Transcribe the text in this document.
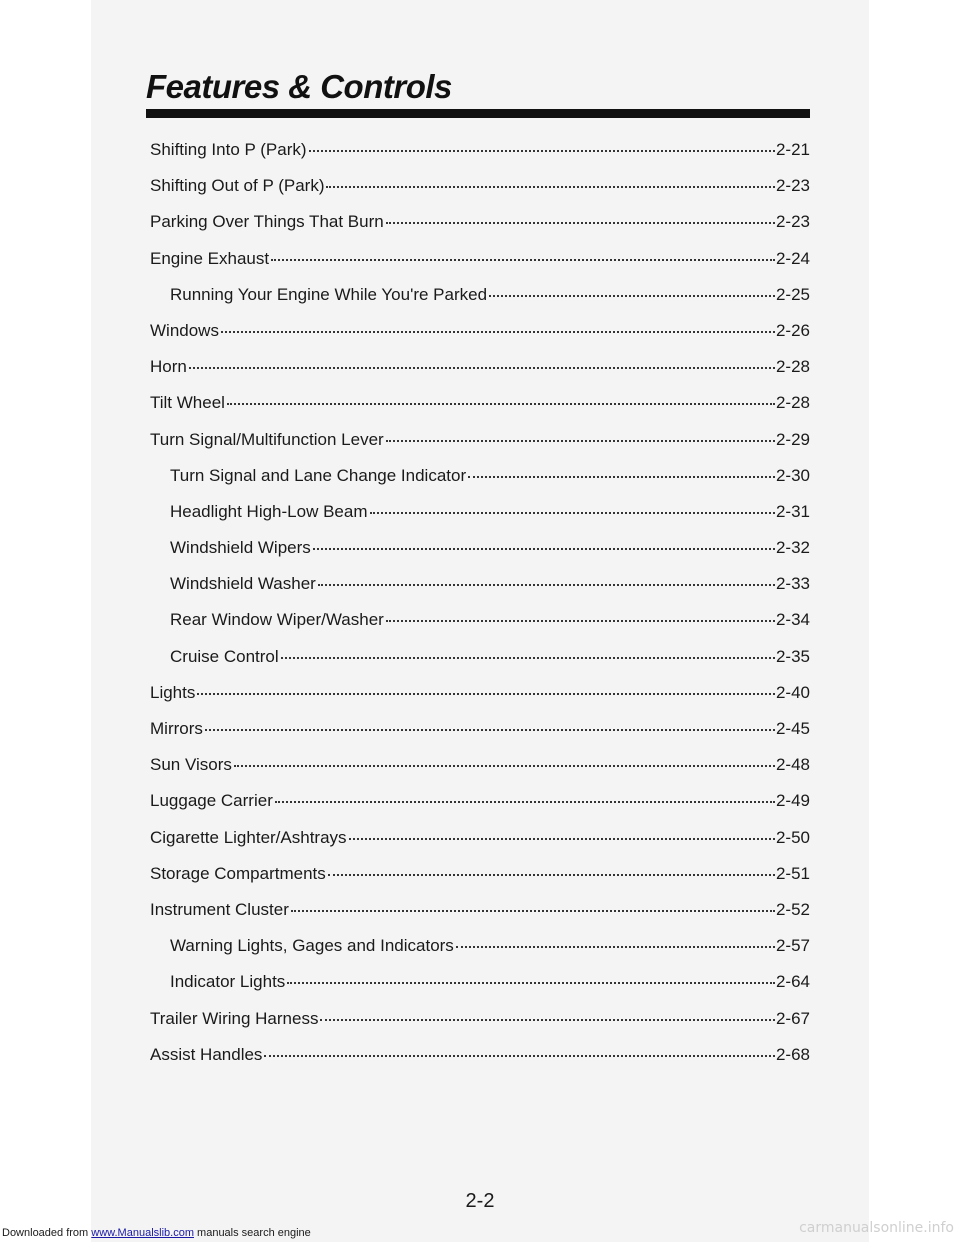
Features & Controls
Shifting Into P (Park)	2-21
Shifting Out of P (Park)	2-23
Parking Over Things That Burn	2-23
Engine Exhaust	2-24
Running Your Engine While You're Parked	2-25
Windows	2-26
Horn	2-28
Tilt Wheel	2-28
Turn Signal/Multifunction Lever	2-29
Turn Signal and Lane Change Indicator	2-30
Headlight High-Low Beam	2-31
Windshield Wipers	2-32
Windshield Washer	2-33
Rear Window Wiper/Washer	2-34
Cruise Control	2-35
Lights	2-40
Mirrors	2-45
Sun Visors	2-48
Luggage Carrier	2-49
Cigarette Lighter/Ashtrays	2-50
Storage Compartments	2-51
Instrument Cluster	2-52
Warning Lights, Gages and Indicators	2-57
Indicator Lights	2-64
Trailer Wiring Harness	2-67
Assist Handles	2-68
2-2
Downloaded from www.Manualslib.com manuals search engine	carmanualsonline.info
